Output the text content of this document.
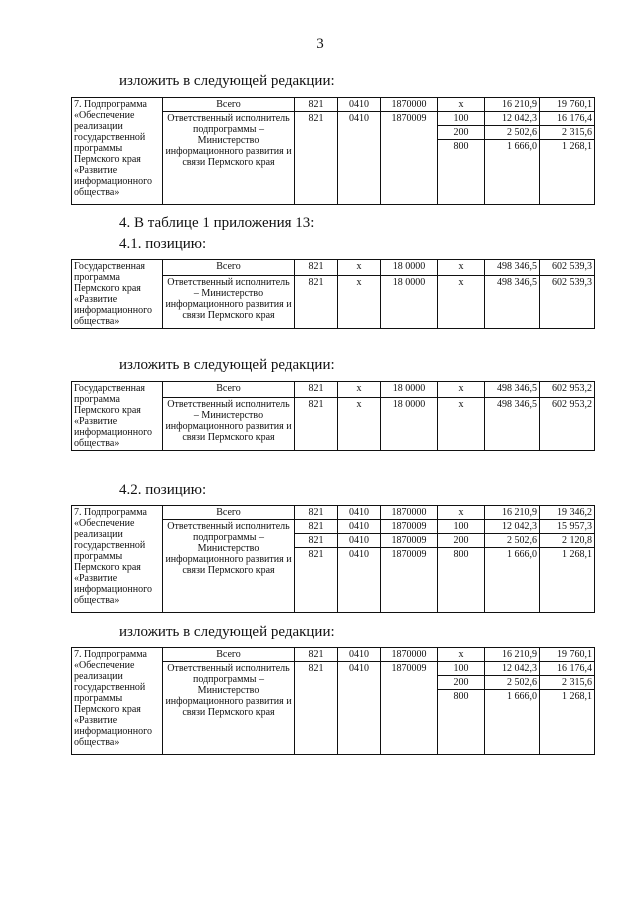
3
изложить в следующей редакции:
7. Подпрограмма «Обеспечение реализации государственной программы Пермского края «Развитие информационного общества»	Всего	821	0410	1870000	х	16 210,9	19 760,1
	Ответственный исполнитель подпрограммы – Министерство информационного развития и связи Пермского края	821	0410	1870009	100	12 042,3	16 176,4
					200	2 502,6	2 315,6
					800	1 666,0	1 268,1
4. В таблице 1 приложения 13:
4.1. позицию:
Государственная программа Пермского края «Развитие информационного общества»	Всего	821	х	18 0000	х	498 346,5	602 539,3
	Ответственный исполнитель – Министерство информационного развития и связи Пермского края	821	х	18 0000	х	498 346,5	602 539,3
изложить в следующей редакции:
Государственная программа Пермского края «Развитие информационного общества»	Всего	821	х	18 0000	х	498 346,5	602 953,2
	Ответственный исполнитель – Министерство информационного развития и связи Пермского края	821	х	18 0000	х	498 346,5	602 953,2
4.2. позицию:
7. Подпрограмма «Обеспечение реализации государственной программы Пермского края «Развитие информационного общества»	Всего	821	0410	1870000	х	16 210,9	19 346,2
	Ответственный исполнитель подпрограммы – Министерство информационного развития и связи Пермского края	821	0410	1870009	100	12 042,3	15 957,3
		821	0410	1870009	200	2 502,6	2 120,8
		821	0410	1870009	800	1 666,0	1 268,1
изложить в следующей редакции:
7. Подпрограмма «Обеспечение реализации государственной программы Пермского края «Развитие информационного общества»	Всего	821	0410	1870000	х	16 210,9	19 760,1
	Ответственный исполнитель подпрограммы – Министерство информационного развития и связи Пермского края	821	0410	1870009	100	12 042,3	16 176,4
					200	2 502,6	2 315,6
					800	1 666,0	1 268,1
